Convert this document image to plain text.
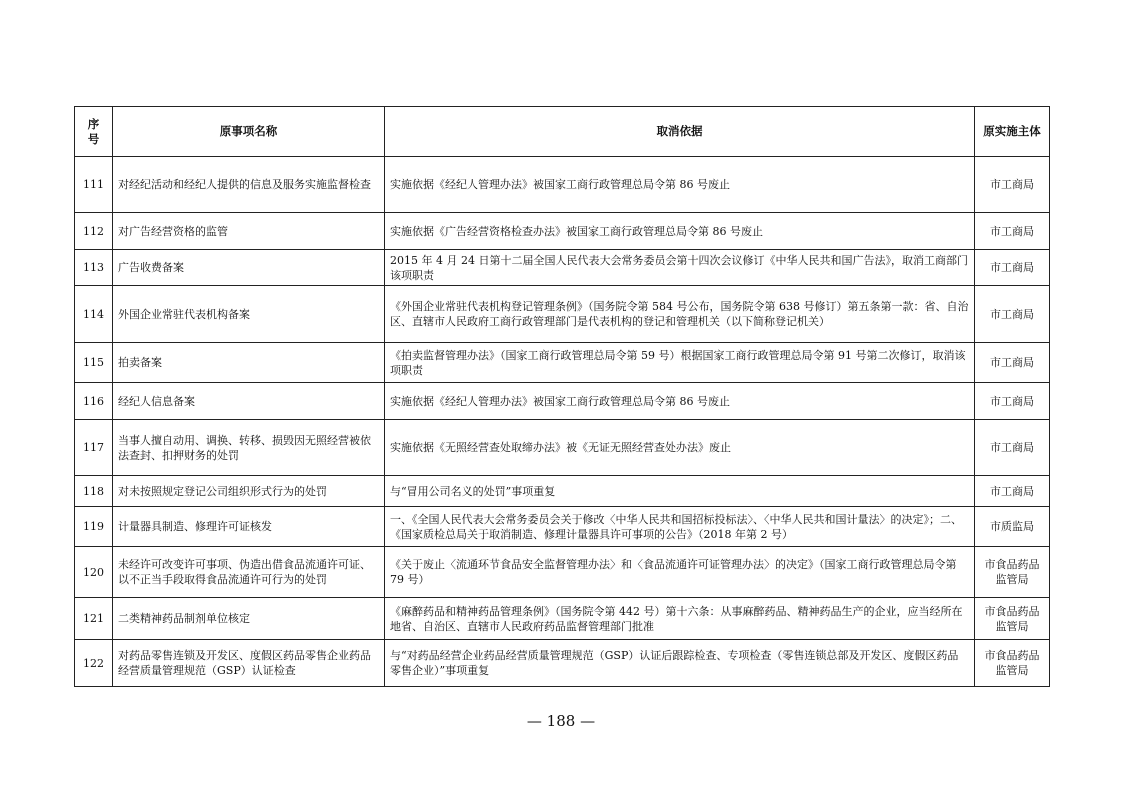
序号	原事项名称	取消依据	原实施主体
111	对经纪活动和经纪人提供的信息及服务实施监督检查	实施依据《经纪人管理办法》被国家工商行政管理总局令第 86 号废止	市工商局
112	对广告经营资格的监管	实施依据《广告经营资格检查办法》被国家工商行政管理总局令第 86 号废止	市工商局
113	广告收费备案	2015 年 4 月 24 日第十二届全国人民代表大会常务委员会第十四次会议修订《中华人民共和国广告法》，取消工商部门该项职责	市工商局
114	外国企业常驻代表机构备案	《外国企业常驻代表机构登记管理条例》（国务院令第 584 号公布，国务院令第 638 号修订）第五条第一款：省、自治区、直辖市人民政府工商行政管理部门是代表机构的登记和管理机关（以下简称登记机关）	市工商局
115	拍卖备案	《拍卖监督管理办法》（国家工商行政管理总局令第 59 号）根据国家工商行政管理总局令第 91 号第二次修订，取消该项职责	市工商局
116	经纪人信息备案	实施依据《经纪人管理办法》被国家工商行政管理总局令第 86 号废止	市工商局
117	当事人擅自动用、调换、转移、损毁因无照经营被依法查封、扣押财务的处罚	实施依据《无照经营查处取缔办法》被《无证无照经营查处办法》废止	市工商局
118	对未按照规定登记公司组织形式行为的处罚	与“冒用公司名义的处罚”事项重复	市工商局
119	计量器具制造、修理许可证核发	一、《全国人民代表大会常务委员会关于修改〈中华人民共和国招标投标法〉、〈中华人民共和国计量法〉的决定》；二、《国家质检总局关于取消制造、修理计量器具许可事项的公告》（2018 年第 2 号）	市质监局
120	未经许可改变许可事项、伪造出借食品流通许可证、以不正当手段取得食品流通许可行为的处罚	《关于废止〈流通环节食品安全监督管理办法〉和〈食品流通许可证管理办法〉的决定》（国家工商行政管理总局令第 79 号）	市食品药品监管局
121	二类精神药品制剂单位核定	《麻醉药品和精神药品管理条例》（国务院令第 442 号）第十六条：从事麻醉药品、精神药品生产的企业，应当经所在地省、自治区、直辖市人民政府药品监督管理部门批准	市食品药品监管局
122	对药品零售连锁及开发区、度假区药品零售企业药品经营质量管理规范（GSP）认证检查	与“对药品经营企业药品经营质量管理规范（GSP）认证后跟踪检查、专项检查（零售连锁总部及开发区、度假区药品零售企业）”事项重复	市食品药品监管局
— 188 —
